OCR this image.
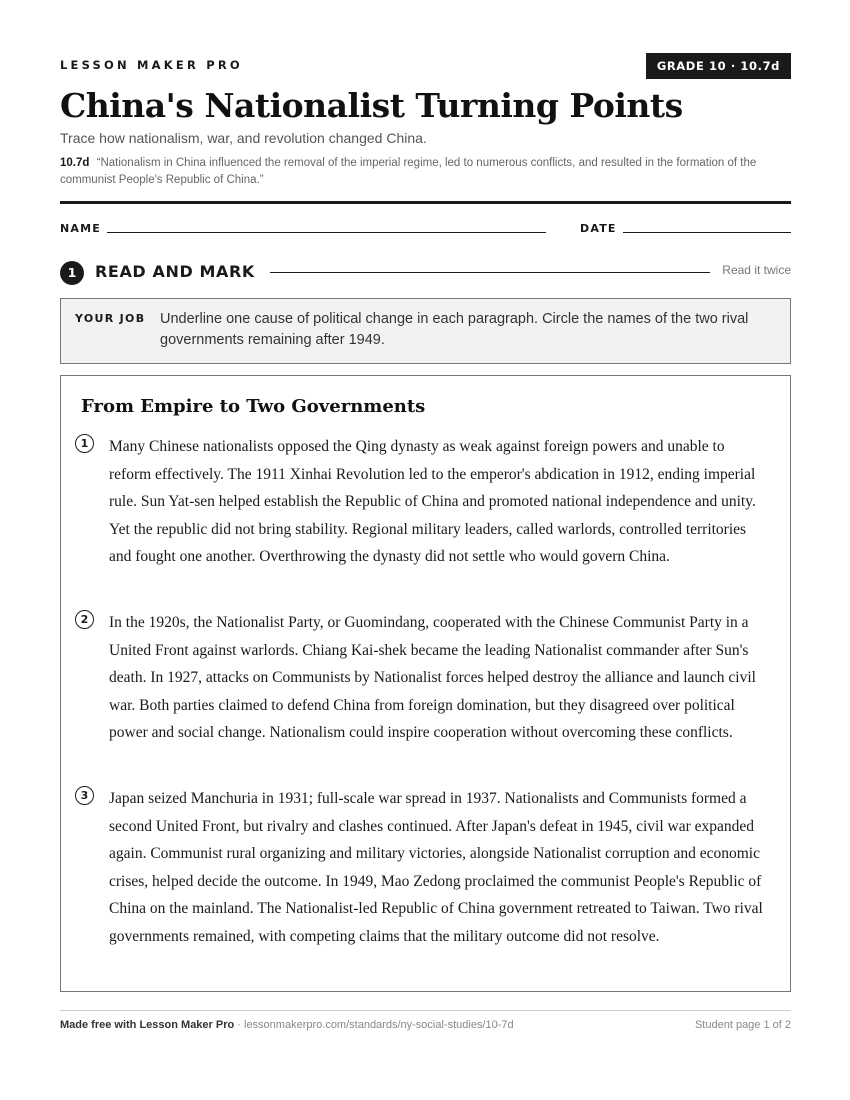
LESSON MAKER PRO	GRADE 10 · 10.7d
China's Nationalist Turning Points
Trace how nationalism, war, and revolution changed China.
10.7d “Nationalism in China influenced the removal of the imperial regime, led to numerous conflicts, and resulted in the formation of the communist People's Republic of China.”
NAME	DATE
1	READ AND MARK	Read it twice
YOUR JOB Underline one cause of political change in each paragraph. Circle the names of the two rival governments remaining after 1949.
From Empire to Two Governments
1	Many Chinese nationalists opposed the Qing dynasty as weak against foreign powers and unable to reform effectively. The 1911 Xinhai Revolution led to the emperor's abdication in 1912, ending imperial rule. Sun Yat-sen helped establish the Republic of China and promoted national independence and unity. Yet the republic did not bring stability. Regional military leaders, called warlords, controlled territories and fought one another. Overthrowing the dynasty did not settle who would govern China.
2	In the 1920s, the Nationalist Party, or Guomindang, cooperated with the Chinese Communist Party in a United Front against warlords. Chiang Kai-shek became the leading Nationalist commander after Sun's death. In 1927, attacks on Communists by Nationalist forces helped destroy the alliance and launch civil war. Both parties claimed to defend China from foreign domination, but they disagreed over political power and social change. Nationalism could inspire cooperation without overcoming these conflicts.
3	Japan seized Manchuria in 1931; full-scale war spread in 1937. Nationalists and Communists formed a second United Front, but rivalry and clashes continued. After Japan's defeat in 1945, civil war expanded again. Communist rural organizing and military victories, alongside Nationalist corruption and economic crises, helped decide the outcome. In 1949, Mao Zedong proclaimed the communist People's Republic of China on the mainland. The Nationalist-led Republic of China government retreated to Taiwan. Two rival governments remained, with competing claims that the military outcome did not resolve.
Made free with Lesson Maker Pro · lessonmakerpro.com/standards/ny-social-studies/10-7d	Student page 1 of 2
